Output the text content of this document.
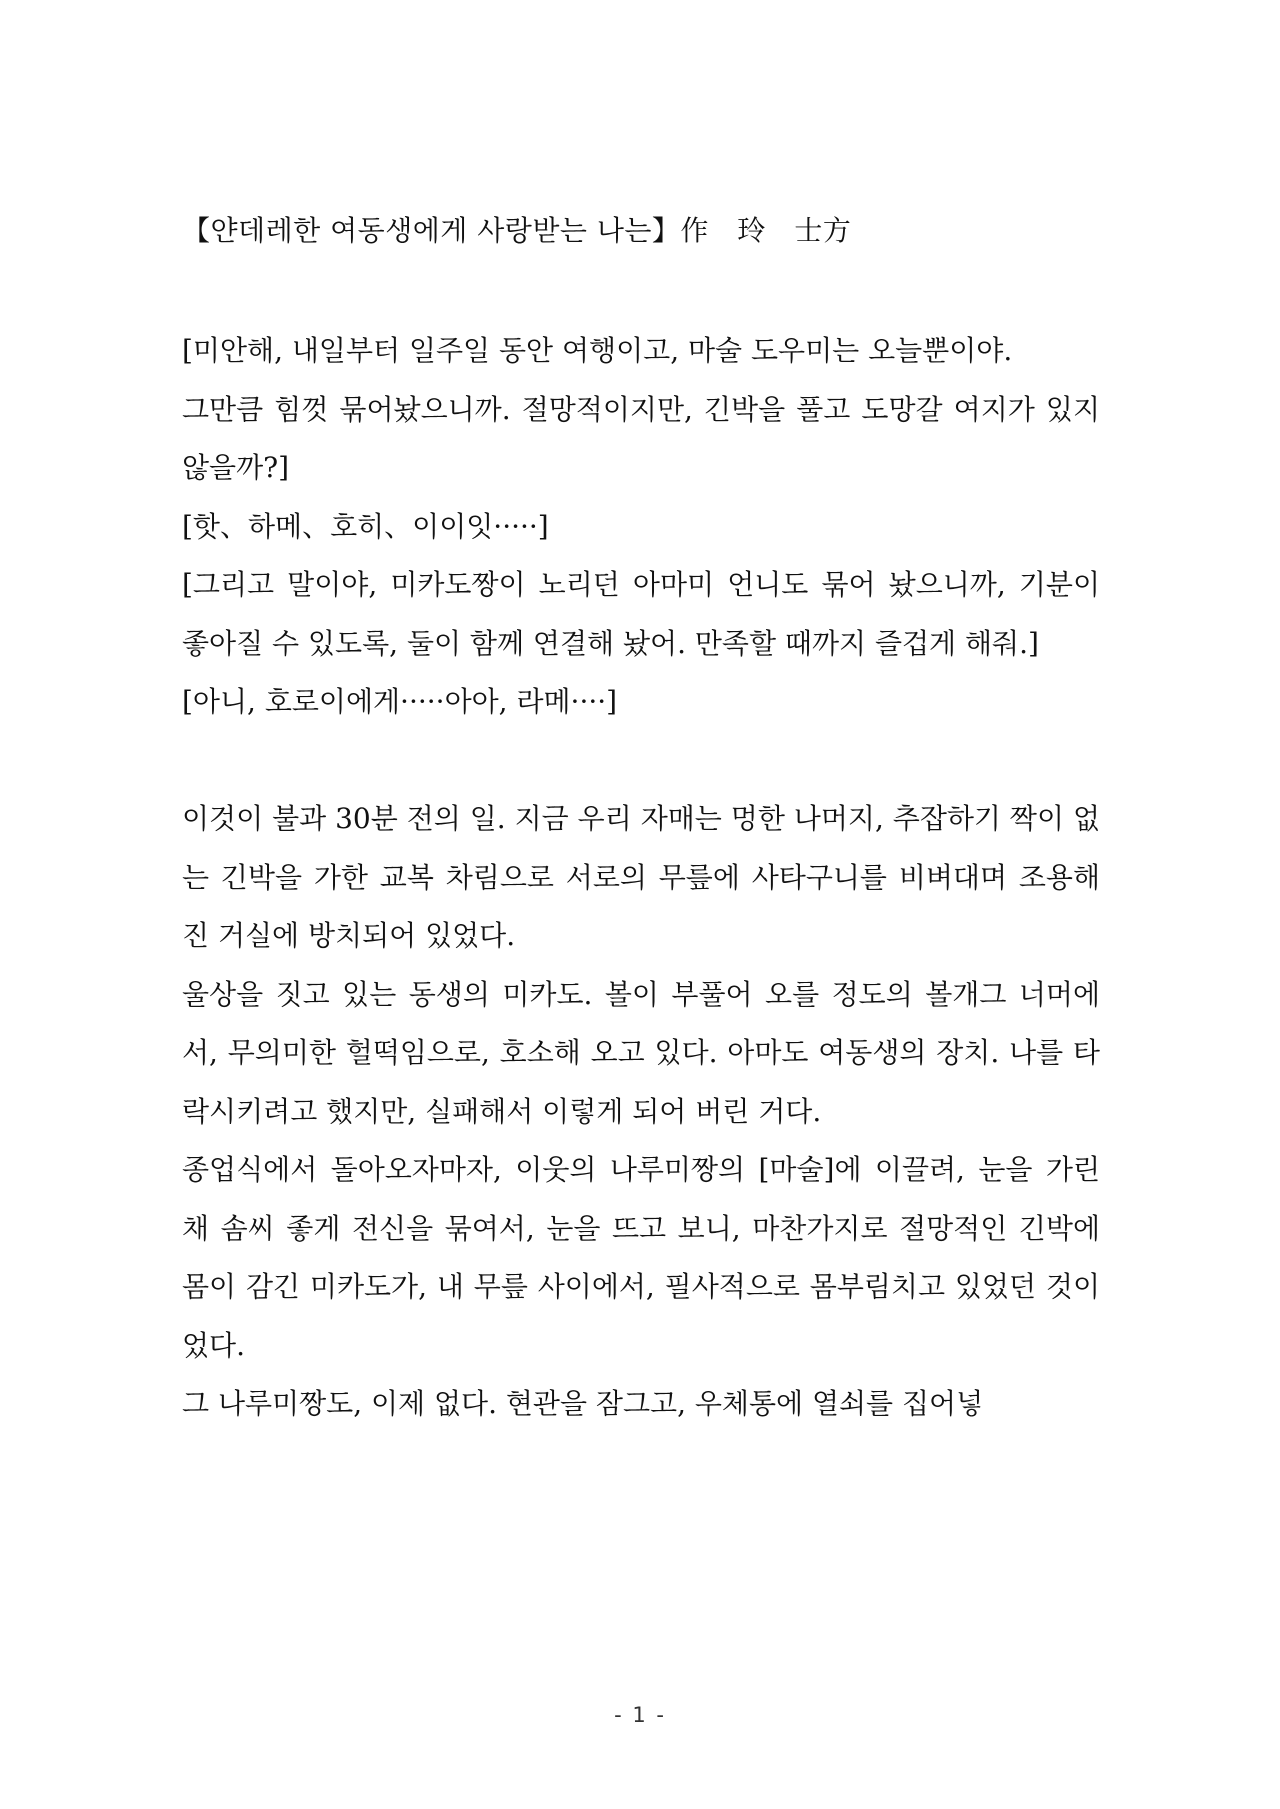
【얀데레한 여동생에게 사랑받는 나는】作　玲　士方

[미안해, 내일부터 일주일 동안 여행이고, 마술 도우미는 오늘뿐이야.

그만큼 힘껏 묶어놨으니까. 절망적이지만, 긴박을 풀고 도망갈 여지가 있지 않을까?]

[핫、하메、호히、이이잇·····]

[그리고 말이야, 미카도짱이 노리던 아마미 언니도 묶어 놨으니까, 기분이 좋아질 수 있도록, 둘이 함께 연결해 놨어. 만족할 때까지 즐겁게 해줘.]

[아니, 호로이에게·····아아, 라메····]

이것이 불과 30분 전의 일. 지금 우리 자매는 멍한 나머지, 추잡하기 짝이 없는 긴박을 가한 교복 차림으로 서로의 무릎에 사타구니를 비벼대며 조용해진 거실에 방치되어 있었다.

울상을 짓고 있는 동생의 미카도. 볼이 부풀어 오를 정도의 볼개그 너머에서, 무의미한 헐떡임으로, 호소해 오고 있다. 아마도 여동생의 장치. 나를 타락시키려고 했지만, 실패해서 이렇게 되어 버린 거다.

종업식에서 돌아오자마자, 이웃의 나루미짱의 [마술]에 이끌려, 눈을 가린 채 솜씨 좋게 전신을 묶여서, 눈을 뜨고 보니, 마찬가지로 절망적인 긴박에 몸이 감긴 미카도가, 내 무릎 사이에서, 필사적으로 몸부림치고 있었던 것이었다.

그 나루미짱도, 이제 없다. 현관을 잠그고, 우체통에 열쇠를 집어넣

- 1 -
